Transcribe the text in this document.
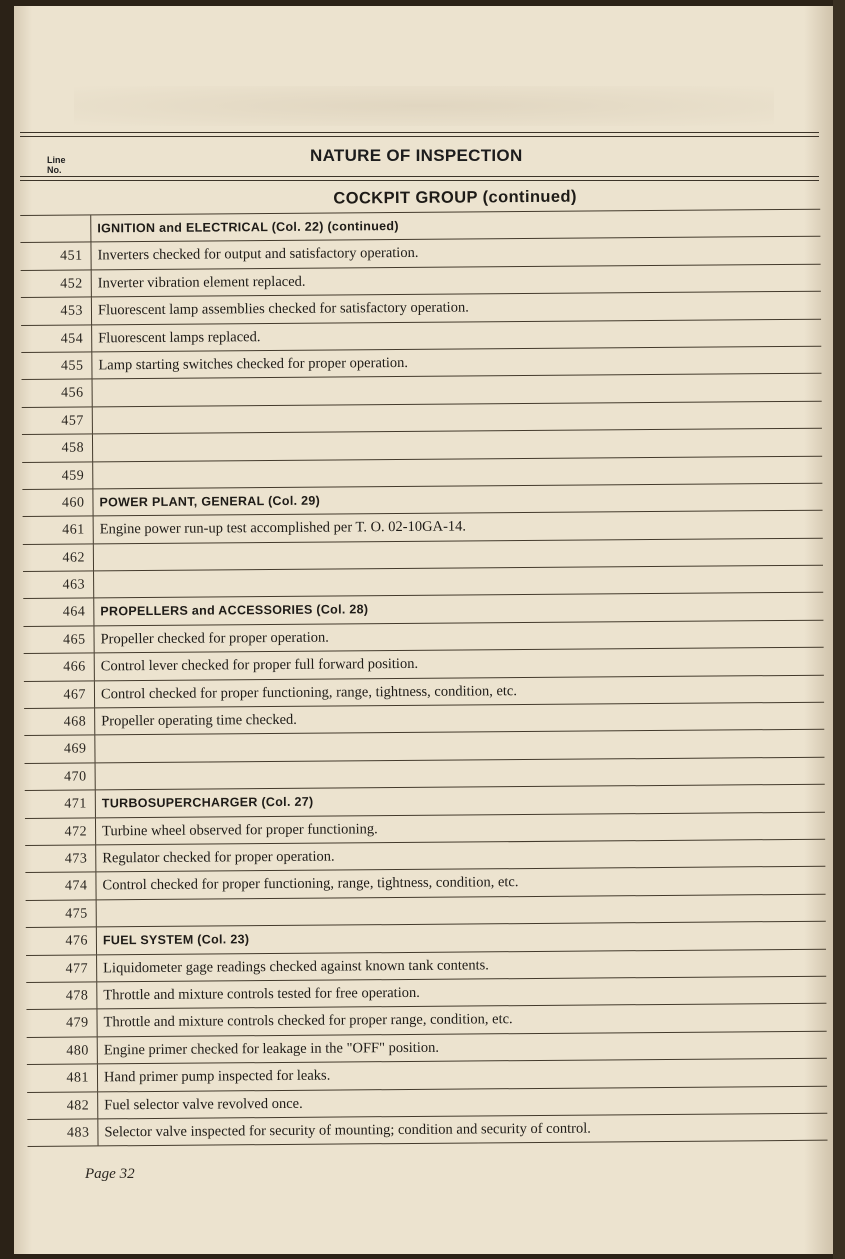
Line No.
NATURE OF INSPECTION
COCKPIT GROUP (continued)
IGNITION and ELECTRICAL (Col. 22) (continued)
451	Inverters checked for output and satisfactory operation.
452	Inverter vibration element replaced.
453	Fluorescent lamp assemblies checked for satisfactory operation.
454	Fluorescent lamps replaced.
455	Lamp starting switches checked for proper operation.
456
457
458
459
460	POWER PLANT, GENERAL (Col. 29)
461	Engine power run-up test accomplished per T. O. 02-10GA-14.
462
463
464	PROPELLERS and ACCESSORIES (Col. 28)
465	Propeller checked for proper operation.
466	Control lever checked for proper full forward position.
467	Control checked for proper functioning, range, tightness, condition, etc.
468	Propeller operating time checked.
469
470
471	TURBOSUPERCHARGER (Col. 27)
472	Turbine wheel observed for proper functioning.
473	Regulator checked for proper operation.
474	Control checked for proper functioning, range, tightness, condition, etc.
475
476	FUEL SYSTEM (Col. 23)
477	Liquidometer gage readings checked against known tank contents.
478	Throttle and mixture controls tested for free operation.
479	Throttle and mixture controls checked for proper range, condition, etc.
480	Engine primer checked for leakage in the "OFF" position.
481	Hand primer pump inspected for leaks.
482	Fuel selector valve revolved once.
483	Selector valve inspected for security of mounting; condition and security of control.
Page 32
